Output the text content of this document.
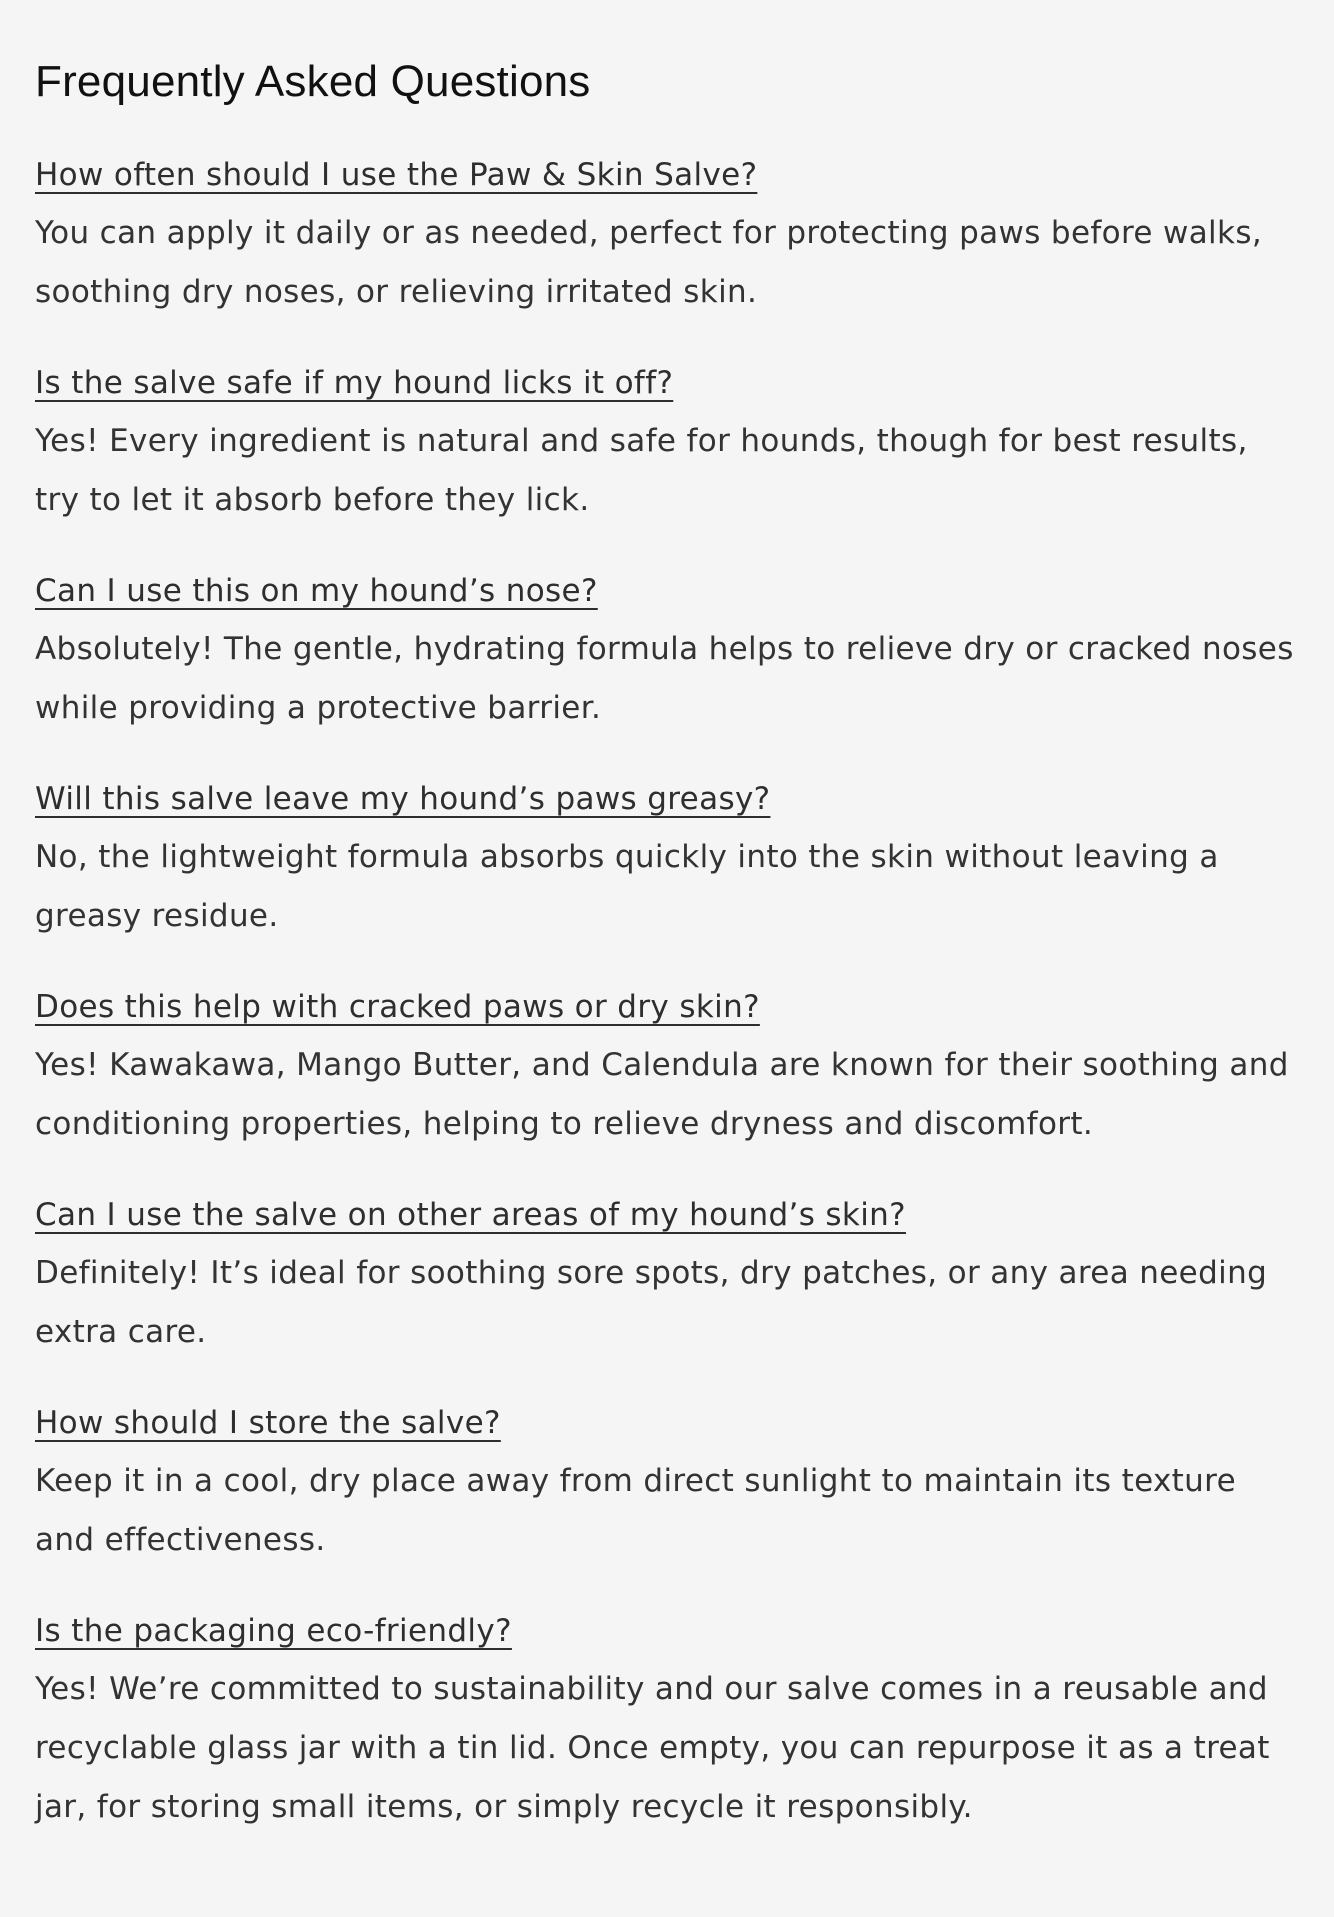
Frequently Asked Questions
How often should I use the Paw & Skin Salve?

You can apply it daily or as needed, perfect for protecting paws before walks, soothing dry noses, or relieving irritated skin.

Is the salve safe if my hound licks it off?

Yes! Every ingredient is natural and safe for hounds, though for best results, try to let it absorb before they lick.

Can I use this on my hound’s nose?

Absolutely! The gentle, hydrating formula helps to relieve dry or cracked noses while providing a protective barrier.

Will this salve leave my hound’s paws greasy?

No, the lightweight formula absorbs quickly into the skin without leaving a greasy residue.

Does this help with cracked paws or dry skin?

Yes! Kawakawa, Mango Butter, and Calendula are known for their soothing and conditioning properties, helping to relieve dryness and discomfort.

Can I use the salve on other areas of my hound’s skin?

Definitely! It’s ideal for soothing sore spots, dry patches, or any area needing extra care.

How should I store the salve?

Keep it in a cool, dry place away from direct sunlight to maintain its texture and effectiveness.

Is the packaging eco-friendly?

Yes! We’re committed to sustainability and our salve comes in a reusable and recyclable glass jar with a tin lid. Once empty, you can repurpose it as a treat jar, for storing small items, or simply recycle it responsibly.
